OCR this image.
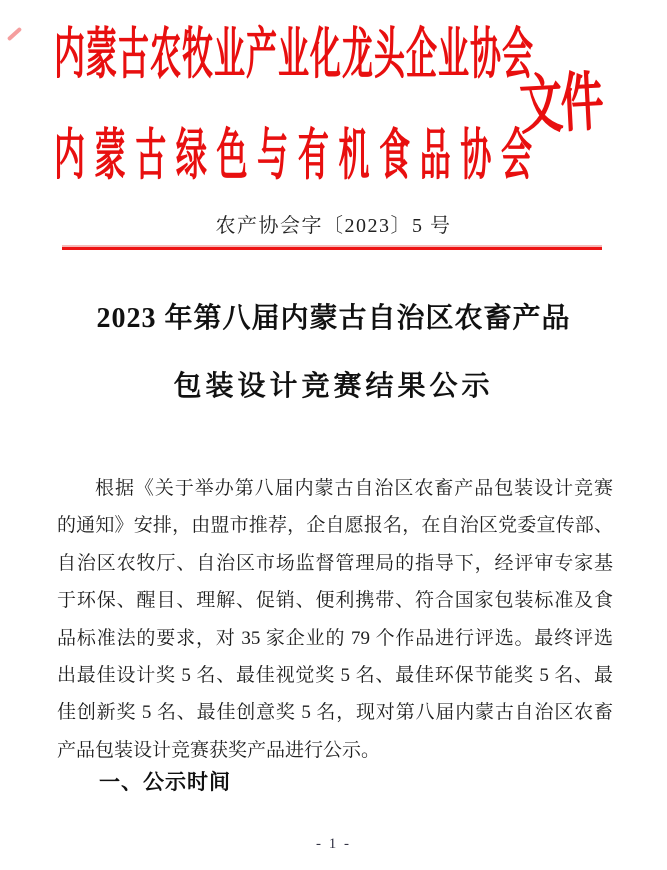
内蒙古农牧业产业化龙头企业协会
内蒙古绿色与有机食品协会
文件
农产协会字〔2023〕5 号
2023 年第八届内蒙古自治区农畜产品
包装设计竞赛结果公示
根据《关于举办第八届内蒙古自治区农畜产品包装设计竞赛
的通知》安排，由盟市推荐，企自愿报名，在自治区党委宣传部、
自治区农牧厅、自治区市场监督管理局的指导下，经评审专家基
于环保、醒目、理解、促销、便利携带、符合国家包装标准及食
品标准法的要求，对 35 家企业的 79 个作品进行评选。最终评选
出最佳设计奖 5 名、最佳视觉奖 5 名、最佳环保节能奖 5 名、最
佳创新奖 5 名、最佳创意奖 5 名，现对第八届内蒙古自治区农畜
产品包装设计竞赛获奖产品进行公示。
一、公示时间
- 1 -
